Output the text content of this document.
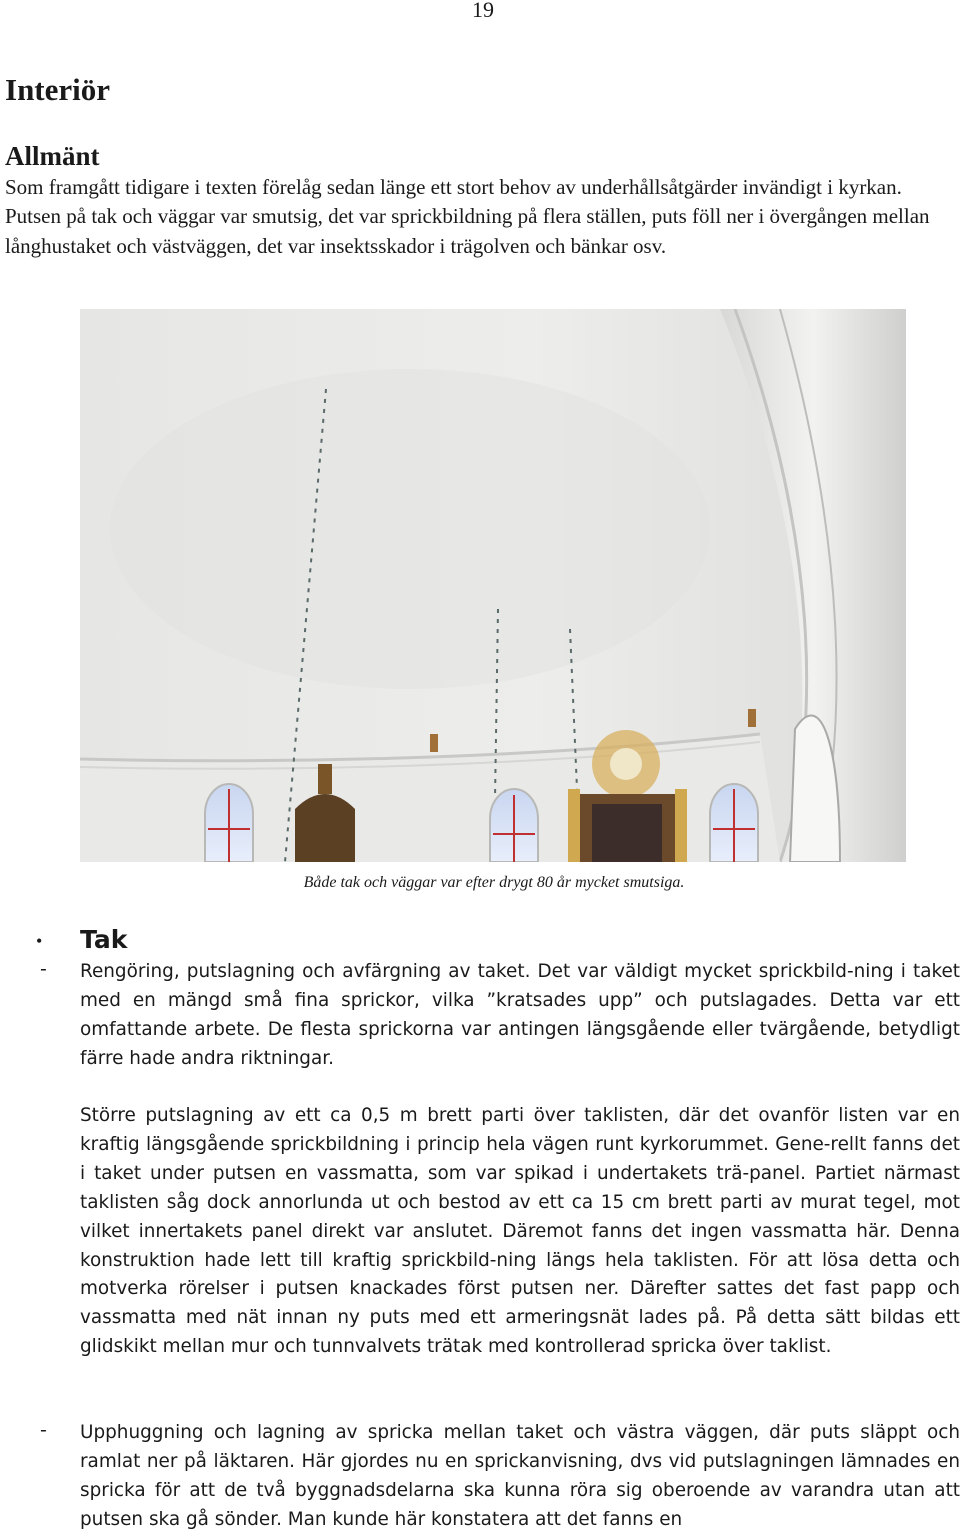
19
Interiör
Allmänt

Som framgått tidigare i texten förelåg sedan länge ett stort behov av underhållsåtgärder invändigt i kyrkan. Putsen på tak och väggar var smutsig, det var sprickbildning på flera ställen, puts föll ner i övergången mellan långhustaket och västväggen, det var insektsskador i trägolven och bänkar osv.

Både tak och väggar var efter drygt 80 år mycket smutsiga.

• Tak
- Rengöring, putslagning och avfärgning av taket. Det var väldigt mycket sprickbild-ning i taket med en mängd små fina sprickor, vilka ”kratsades upp” och putslagades. Detta var ett omfattande arbete. De flesta sprickorna var antingen längsgående eller tvärgående, betydligt färre hade andra riktningar.

Större putslagning av ett ca 0,5 m brett parti över taklisten, där det ovanför listen var en kraftig längsgående sprickbildning i princip hela vägen runt kyrkorummet. Gene-rellt fanns det i taket under putsen en vassmatta, som var spikad i undertakets trä-panel. Partiet närmast taklisten såg dock annorlunda ut och bestod av ett ca 15 cm brett parti av murat tegel, mot vilket innertakets panel direkt var anslutet. Däremot fanns det ingen vassmatta här. Denna konstruktion hade lett till kraftig sprickbild-ning längs hela taklisten. För att lösa detta och motverka rörelser i putsen knackades först putsen ner. Därefter sattes det fast papp och vassmatta med nät innan ny puts med ett armeringsnät lades på. På detta sätt bildas ett glidskikt mellan mur och tunnvalvets trätak med kontrollerad spricka över taklist.

- Upphuggning och lagning av spricka mellan taket och västra väggen, där puts släppt och ramlat ner på läktaren. Här gjordes nu en sprickanvisning, dvs vid putslagningen lämnades en spricka för att de två byggnadsdelarna ska kunna röra sig oberoende av varandra utan att putsen ska gå sönder. Man kunde här konstatera att det fanns en
